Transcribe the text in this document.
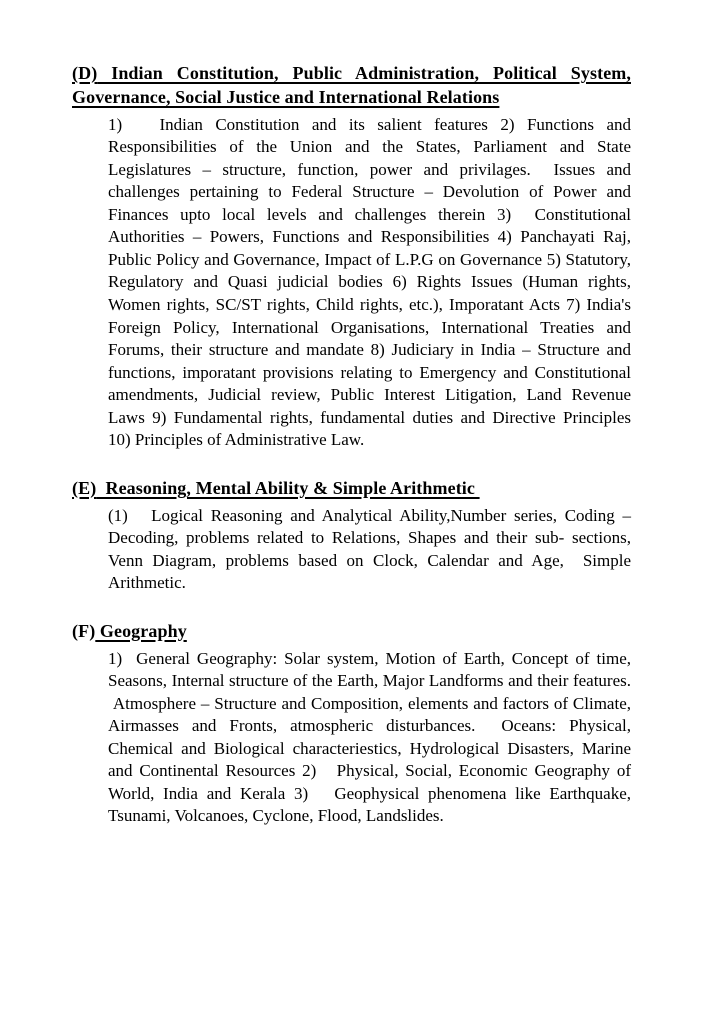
(D) Indian Constitution, Public Administration, Political System, Governance, Social Justice and International Relations

1)   Indian Constitution and its salient features 2) Functions and Responsibilities of the Union and the States, Parliament and State Legislatures – structure, function, power and privilages.  Issues and challenges pertaining to Federal Structure – Devolution of Power and Finances upto local levels and challenges therein 3)  Constitutional Authorities – Powers, Functions and Responsibilities 4) Panchayati Raj, Public Policy and Governance, Impact of L.P.G on Governance 5) Statutory, Regulatory and Quasi judicial bodies 6) Rights Issues (Human rights, Women rights, SC/ST rights, Child rights, etc.), Imporatant Acts 7) India's Foreign Policy, International Organisations, International Treaties and Forums, their structure and mandate 8) Judiciary in India – Structure and functions, imporatant provisions relating to Emergency and Constitutional amendments, Judicial review, Public Interest Litigation, Land Revenue Laws 9) Fundamental rights, fundamental duties and Directive Principles 10) Principles of Administrative Law.

(E)  Reasoning, Mental Ability & Simple Arithmetic

(1)   Logical Reasoning and Analytical Ability,Number series, Coding – Decoding, problems related to Relations, Shapes and their sub- sections, Venn Diagram, problems based on Clock, Calendar and Age,  Simple Arithmetic.

(F) Geography

1)  General Geography: Solar system, Motion of Earth, Concept of time, Seasons, Internal structure of the Earth, Major Landforms and their features.  Atmosphere – Structure and Composition, elements and factors of Climate, Airmasses and Fronts, atmospheric disturbances.  Oceans: Physical, Chemical and Biological characteriestics, Hydrological Disasters, Marine and Continental Resources 2)   Physical, Social, Economic Geography of World, India and Kerala 3)   Geophysical phenomena like Earthquake, Tsunami, Volcanoes, Cyclone, Flood, Landslides.
